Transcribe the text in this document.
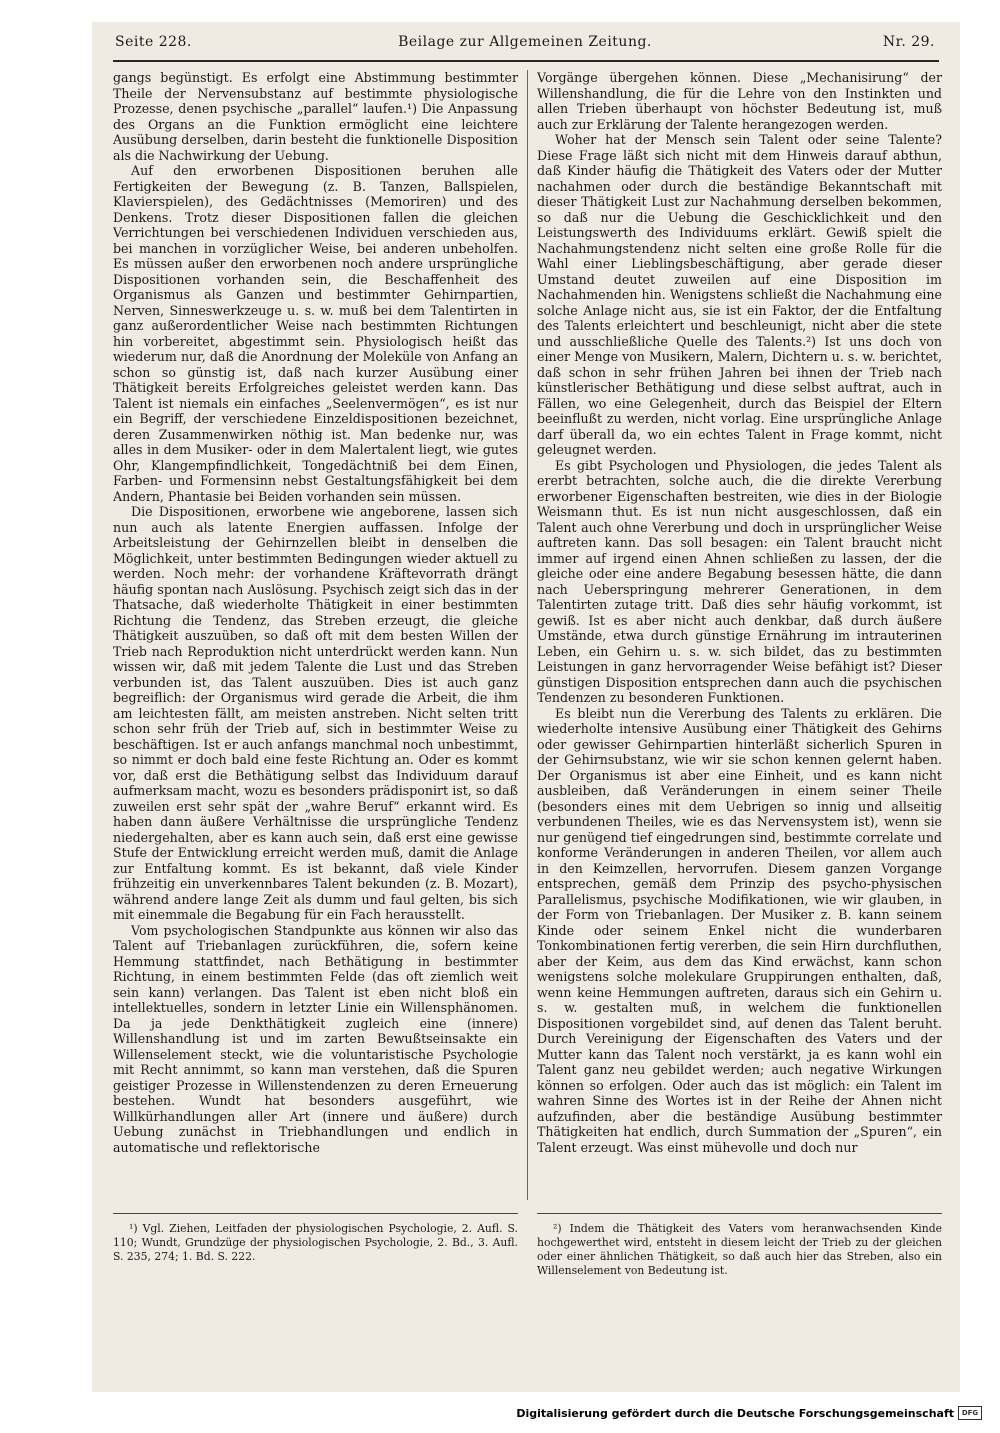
Seite 228.	Beilage zur Allgemeinen Zeitung.	Nr. 29.

gangs begünstigt. Es erfolgt eine Abstimmung bestimmter Theile der Nervensubstanz auf bestimmte physiologische Prozesse, denen psychische „parallel“ laufen.¹) Die Anpassung des Organs an die Funktion ermöglicht eine leichtere Ausübung derselben, darin besteht die funktionelle Disposition als die Nachwirkung der Uebung.

Auf den erworbenen Dispositionen beruhen alle Fertigkeiten der Bewegung (z. B. Tanzen, Ballspielen, Klavierspielen), des Gedächtnisses (Memoriren) und des Denkens. Trotz dieser Dispositionen fallen die gleichen Verrichtungen bei verschiedenen Individuen verschieden aus, bei manchen in vorzüglicher Weise, bei anderen unbeholfen. Es müssen außer den erworbenen noch andere ursprüngliche Dispositionen vorhanden sein, die Beschaffenheit des Organismus als Ganzen und bestimmter Gehirnpartien, Nerven, Sinneswerkzeuge u. s. w. muß bei dem Talentirten in ganz außerordentlicher Weise nach bestimmten Richtungen hin vorbereitet, abgestimmt sein. Physiologisch heißt das wiederum nur, daß die Anordnung der Moleküle von Anfang an schon so günstig ist, daß nach kurzer Ausübung einer Thätigkeit bereits Erfolgreiches geleistet werden kann. Das Talent ist niemals ein einfaches „Seelenvermögen“, es ist nur ein Begriff, der verschiedene Einzeldispositionen bezeichnet, deren Zusammenwirken nöthig ist. Man bedenke nur, was alles in dem Musiker- oder in dem Malertalent liegt, wie gutes Ohr, Klangempfindlichkeit, Tongedächtniß bei dem Einen, Farben- und Formensinn nebst Gestaltungsfähigkeit bei dem Andern, Phantasie bei Beiden vorhanden sein müssen.

Die Dispositionen, erworbene wie angeborene, lassen sich nun auch als latente Energien auffassen. Infolge der Arbeitsleistung der Gehirnzellen bleibt in denselben die Möglichkeit, unter bestimmten Bedingungen wieder aktuell zu werden. Noch mehr: der vorhandene Kräftevorrath drängt häufig spontan nach Auslösung. Psychisch zeigt sich das in der Thatsache, daß wiederholte Thätigkeit in einer bestimmten Richtung die Tendenz, das Streben erzeugt, die gleiche Thätigkeit auszuüben, so daß oft mit dem besten Willen der Trieb nach Reproduktion nicht unterdrückt werden kann. Nun wissen wir, daß mit jedem Talente die Lust und das Streben verbunden ist, das Talent auszuüben. Dies ist auch ganz begreiflich: der Organismus wird gerade die Arbeit, die ihm am leichtesten fällt, am meisten anstreben. Nicht selten tritt schon sehr früh der Trieb auf, sich in bestimmter Weise zu beschäftigen. Ist er auch anfangs manchmal noch unbestimmt, so nimmt er doch bald eine feste Richtung an. Oder es kommt vor, daß erst die Bethätigung selbst das Individuum darauf aufmerksam macht, wozu es besonders prädisponirt ist, so daß zuweilen erst sehr spät der „wahre Beruf“ erkannt wird. Es haben dann äußere Verhältnisse die ursprüngliche Tendenz niedergehalten, aber es kann auch sein, daß erst eine gewisse Stufe der Entwicklung erreicht werden muß, damit die Anlage zur Entfaltung kommt. Es ist bekannt, daß viele Kinder frühzeitig ein unverkennbares Talent bekunden (z. B. Mozart), während andere lange Zeit als dumm und faul gelten, bis sich mit einemmale die Begabung für ein Fach herausstellt.

Vom psychologischen Standpunkte aus können wir also das Talent auf Triebanlagen zurückführen, die, sofern keine Hemmung stattfindet, nach Bethätigung in bestimmter Richtung, in einem bestimmten Felde (das oft ziemlich weit sein kann) verlangen. Das Talent ist eben nicht bloß ein intellektuelles, sondern in letzter Linie ein Willensphänomen. Da ja jede Denkthätigkeit zugleich eine (innere) Willenshandlung ist und im zarten Bewußtseinsakte ein Willenselement steckt, wie die voluntaristische Psychologie mit Recht annimmt, so kann man verstehen, daß die Spuren geistiger Prozesse in Willenstendenzen zu deren Erneuerung bestehen. Wundt hat besonders ausgeführt, wie Willkürhandlungen aller Art (innere und äußere) durch Uebung zunächst in Triebhandlungen und endlich in automatische und reflektorische

Vorgänge übergehen können. Diese „Mechanisirung“ der Willenshandlung, die für die Lehre von den Instinkten und allen Trieben überhaupt von höchster Bedeutung ist, muß auch zur Erklärung der Talente herangezogen werden.

Woher hat der Mensch sein Talent oder seine Talente? Diese Frage läßt sich nicht mit dem Hinweis darauf abthun, daß Kinder häufig die Thätigkeit des Vaters oder der Mutter nachahmen oder durch die beständige Bekanntschaft mit dieser Thätigkeit Lust zur Nachahmung derselben bekommen, so daß nur die Uebung die Geschicklichkeit und den Leistungswerth des Individuums erklärt. Gewiß spielt die Nachahmungstendenz nicht selten eine große Rolle für die Wahl einer Lieblingsbeschäftigung, aber gerade dieser Umstand deutet zuweilen auf eine Disposition im Nachahmenden hin. Wenigstens schließt die Nachahmung eine solche Anlage nicht aus, sie ist ein Faktor, der die Entfaltung des Talents erleichtert und beschleunigt, nicht aber die stete und ausschließliche Quelle des Talents.²) Ist uns doch von einer Menge von Musikern, Malern, Dichtern u. s. w. berichtet, daß schon in sehr frühen Jahren bei ihnen der Trieb nach künstlerischer Bethätigung und diese selbst auftrat, auch in Fällen, wo eine Gelegenheit, durch das Beispiel der Eltern beeinflußt zu werden, nicht vorlag. Eine ursprüngliche Anlage darf überall da, wo ein echtes Talent in Frage kommt, nicht geleugnet werden.

Es gibt Psychologen und Physiologen, die jedes Talent als ererbt betrachten, solche auch, die die direkte Vererbung erworbener Eigenschaften bestreiten, wie dies in der Biologie Weismann thut. Es ist nun nicht ausgeschlossen, daß ein Talent auch ohne Vererbung und doch in ursprünglicher Weise auftreten kann. Das soll besagen: ein Talent braucht nicht immer auf irgend einen Ahnen schließen zu lassen, der die gleiche oder eine andere Begabung besessen hätte, die dann nach Ueberspringung mehrerer Generationen, in dem Talentirten zutage tritt. Daß dies sehr häufig vorkommt, ist gewiß. Ist es aber nicht auch denkbar, daß durch äußere Umstände, etwa durch günstige Ernährung im intrauterinen Leben, ein Gehirn u. s. w. sich bildet, das zu bestimmten Leistungen in ganz hervorragender Weise befähigt ist? Dieser günstigen Disposition entsprechen dann auch die psychischen Tendenzen zu besonderen Funktionen.

Es bleibt nun die Vererbung des Talents zu erklären. Die wiederholte intensive Ausübung einer Thätigkeit des Gehirns oder gewisser Gehirnpartien hinterläßt sicherlich Spuren in der Gehirnsubstanz, wie wir sie schon kennen gelernt haben. Der Organismus ist aber eine Einheit, und es kann nicht ausbleiben, daß Veränderungen in einem seiner Theile (besonders eines mit dem Uebrigen so innig und allseitig verbundenen Theiles, wie es das Nervensystem ist), wenn sie nur genügend tief eingedrungen sind, bestimmte correlate und konforme Veränderungen in anderen Theilen, vor allem auch in den Keimzellen, hervorrufen. Diesem ganzen Vorgange entsprechen, gemäß dem Prinzip des psycho-physischen Parallelismus, psychische Modifikationen, wie wir glauben, in der Form von Triebanlagen. Der Musiker z. B. kann seinem Kinde oder seinem Enkel nicht die wunderbaren Tonkombinationen fertig vererben, die sein Hirn durchfluthen, aber der Keim, aus dem das Kind erwächst, kann schon wenigstens solche molekulare Gruppirungen enthalten, daß, wenn keine Hemmungen auftreten, daraus sich ein Gehirn u. s. w. gestalten muß, in welchem die funktionellen Dispositionen vorgebildet sind, auf denen das Talent beruht. Durch Vereinigung der Eigenschaften des Vaters und der Mutter kann das Talent noch verstärkt, ja es kann wohl ein Talent ganz neu gebildet werden; auch negative Wirkungen können so erfolgen. Oder auch das ist möglich: ein Talent im wahren Sinne des Wortes ist in der Reihe der Ahnen nicht aufzufinden, aber die beständige Ausübung bestimmter Thätigkeiten hat endlich, durch Summation der „Spuren“, ein Talent erzeugt. Was einst mühevolle und doch nur

¹) Vgl. Ziehen, Leitfaden der physiologischen Psychologie, 2. Aufl. S. 110; Wundt, Grundzüge der physiologischen Psychologie, 2. Bd., 3. Aufl. S. 235, 274; 1. Bd. S. 222.

²) Indem die Thätigkeit des Vaters vom heranwachsenden Kinde hochgewerthet wird, entsteht in diesem leicht der Trieb zu der gleichen oder einer ähnlichen Thätigkeit, so daß auch hier das Streben, also ein Willenselement von Bedeutung ist.

Digitalisierung gefördert durch die Deutsche Forschungsgemeinschaft	DFG
